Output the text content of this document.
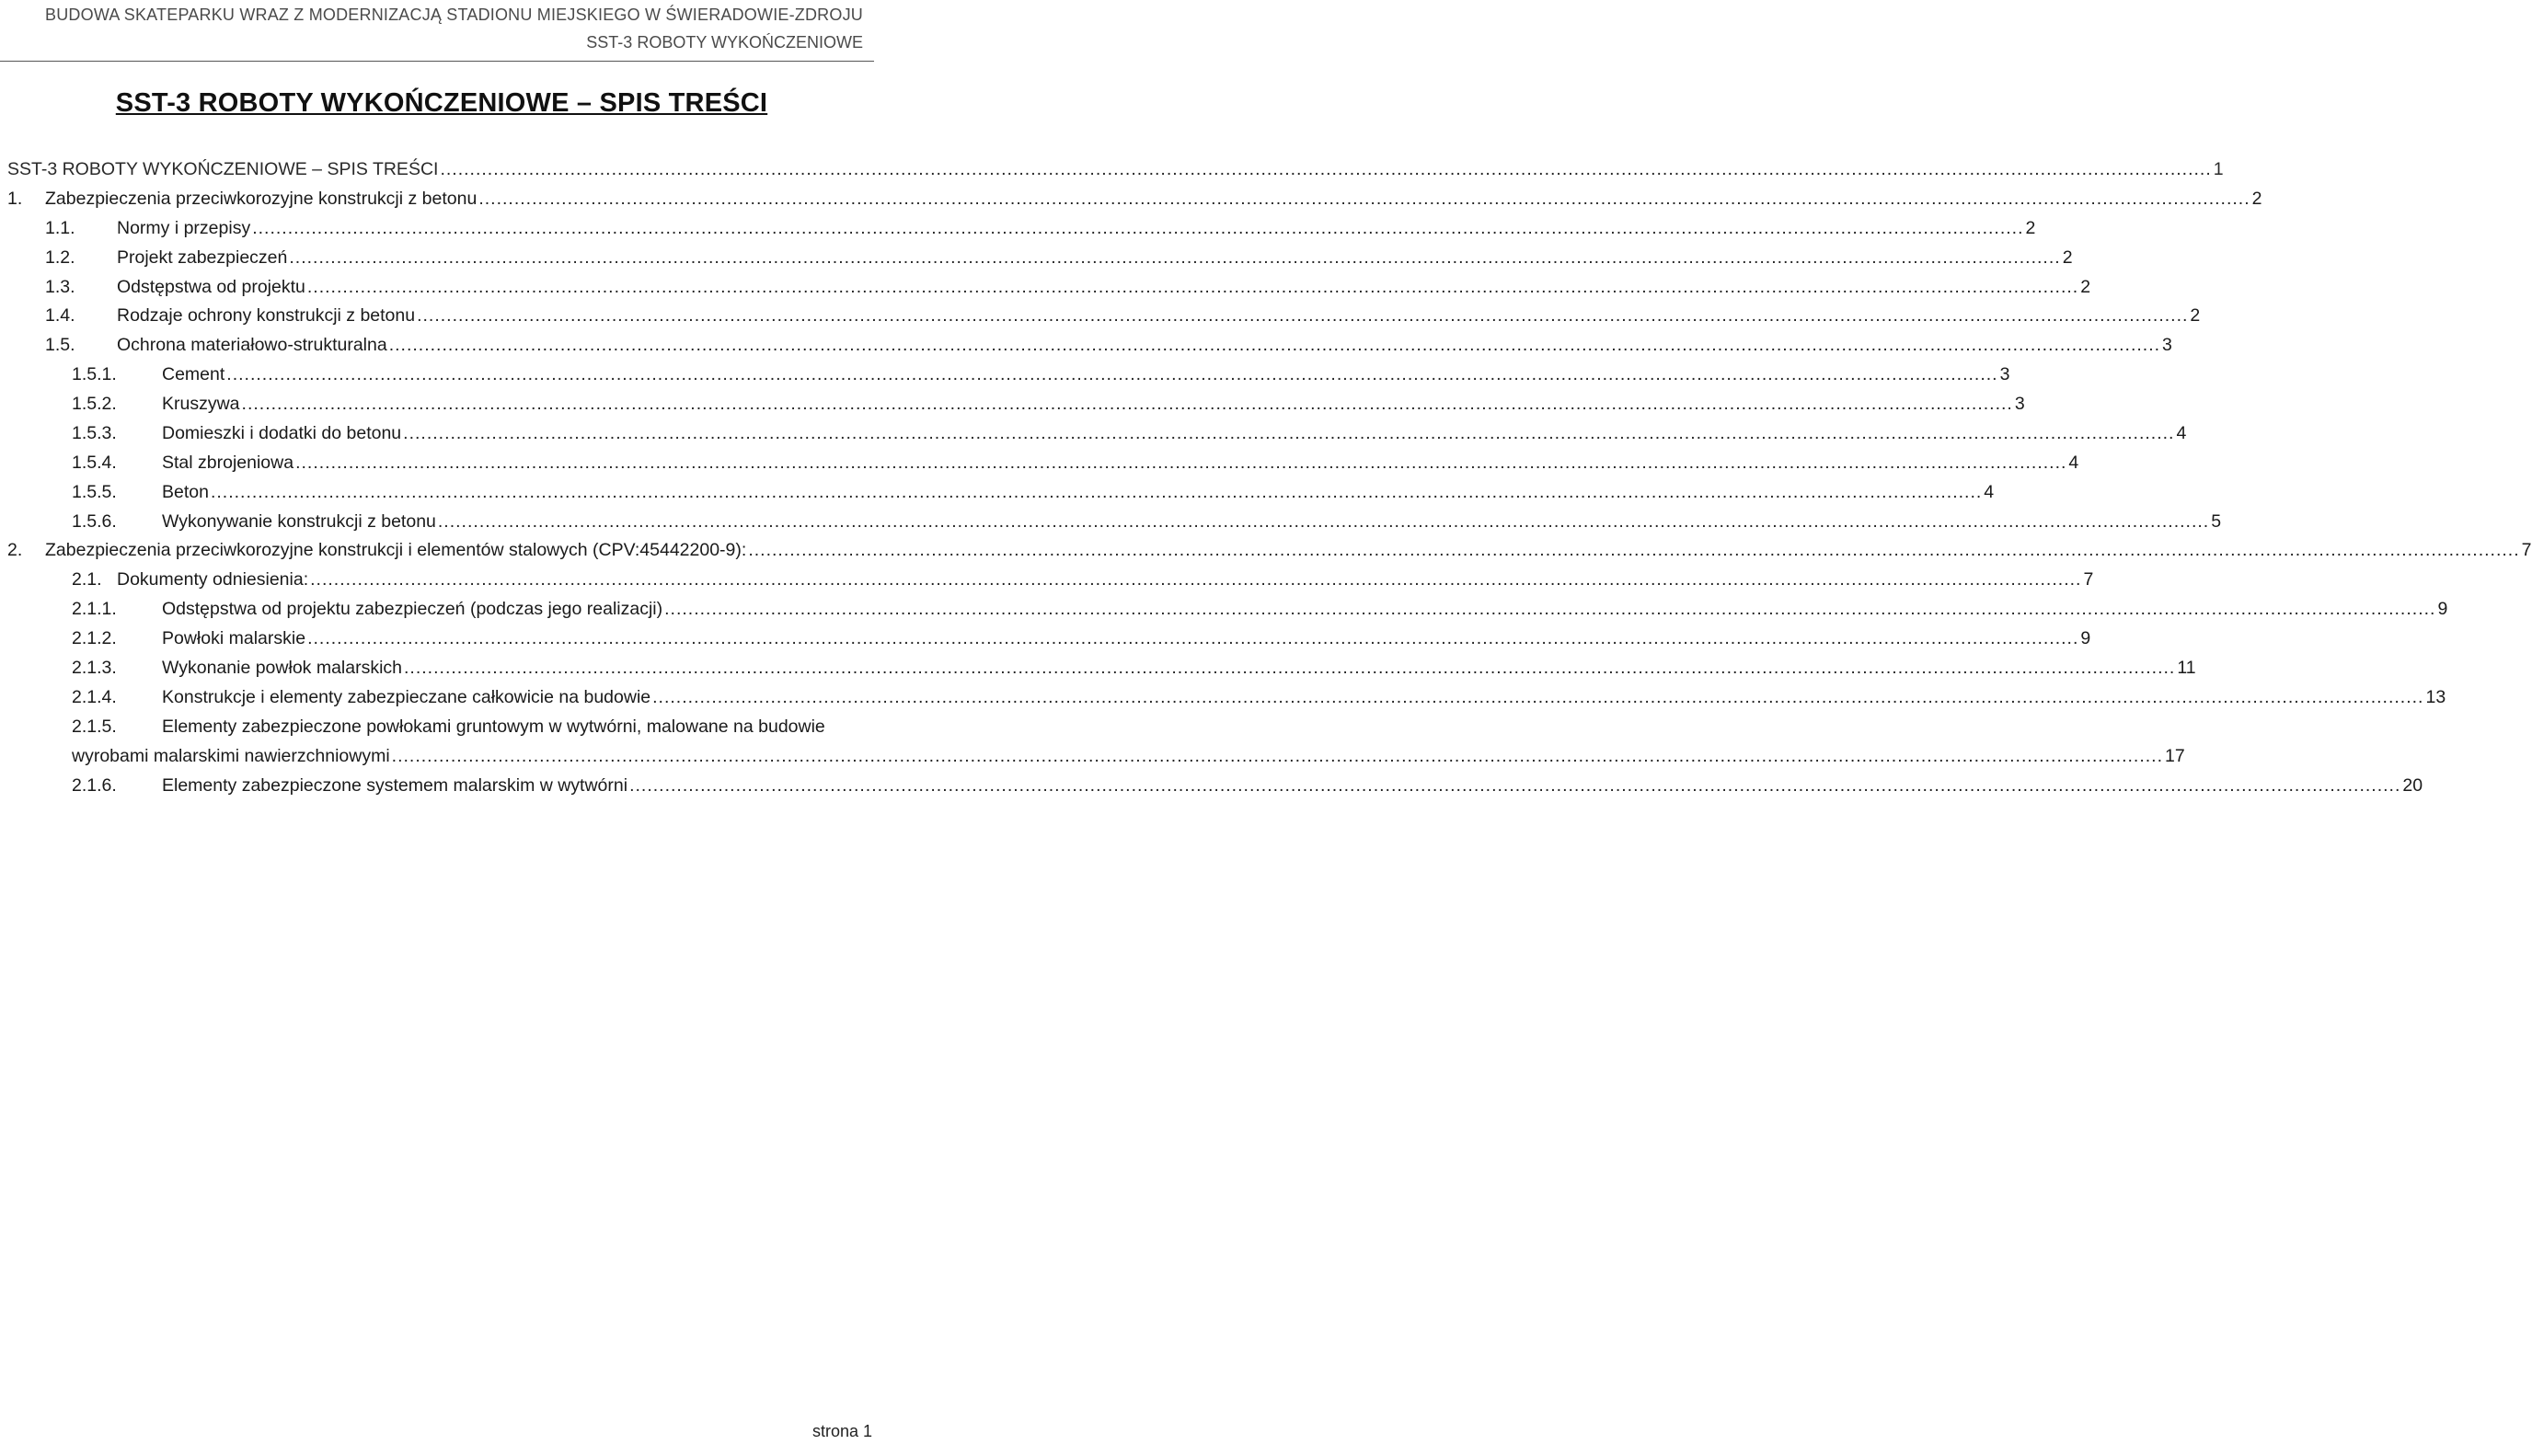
BUDOWA SKATEPARKU WRAZ Z MODERNIZACJĄ STADIONU MIEJSKIEGO W ŚWIERADOWIE-ZDROJU
SST-3 ROBOTY WYKOŃCZENIOWE
SST-3 ROBOTY WYKOŃCZENIOWE – SPIS TREŚCI
SST-3 ROBOTY WYKOŃCZENIOWE – SPIS TREŚCI ............................................................................................................................................................................................................................................................................................................ 1
1. Zabezpieczenia przeciwkorozyjne konstrukcji z betonu ............................................................................................................................................................................................................................................................................................................ 2
1.1. Normy i przepisy ............................................................................................................................................................................................................................................................................................................ 2
1.2. Projekt zabezpieczeń ............................................................................................................................................................................................................................................................................................................ 2
1.3. Odstępstwa od projektu ............................................................................................................................................................................................................................................................................................................ 2
1.4. Rodzaje ochrony konstrukcji z betonu ............................................................................................................................................................................................................................................................................................................ 2
1.5. Ochrona materiałowo-strukturalna ............................................................................................................................................................................................................................................................................................................ 3
1.5.1.	Cement ............................................................................................................................................................................................................................................................................................................ 3
1.5.2.	Kruszywa ............................................................................................................................................................................................................................................................................................................ 3
1.5.3.	Domieszki i dodatki do betonu ............................................................................................................................................................................................................................................................................................................ 4
1.5.4.	Stal zbrojeniowa ............................................................................................................................................................................................................................................................................................................ 4
1.5.5.	Beton ............................................................................................................................................................................................................................................................................................................ 4
1.5.6.	Wykonywanie konstrukcji z betonu ............................................................................................................................................................................................................................................................................................................ 5
2. Zabezpieczenia przeciwkorozyjne konstrukcji i elementów stalowych (CPV:45442200-9): ............................................................................................................................................................................................................................................................................................................ 7
2.1. Dokumenty odniesienia: ............................................................................................................................................................................................................................................................................................................ 7
2.1.1.	Odstępstwa od projektu zabezpieczeń (podczas jego realizacji) ............................................................................................................................................................................................................................................................................................................ 9
2.1.2.	Powłoki malarskie ............................................................................................................................................................................................................................................................................................................ 9
2.1.3.	Wykonanie powłok malarskich ............................................................................................................................................................................................................................................................................................................ 11
2.1.4.	Konstrukcje i elementy zabezpieczane całkowicie na budowie ............................................................................................................................................................................................................................................................................................................ 13
2.1.5.	Elementy zabezpieczone powłokami gruntowym w wytwórni, malowane na budowie
wyrobami malarskimi nawierzchniowymi ............................................................................................................................................................................................................................................................................................................ 17
2.1.6.	Elementy zabezpieczone systemem malarskim w wytwórni ............................................................................................................................................................................................................................................................................................................ 20
strona 1
